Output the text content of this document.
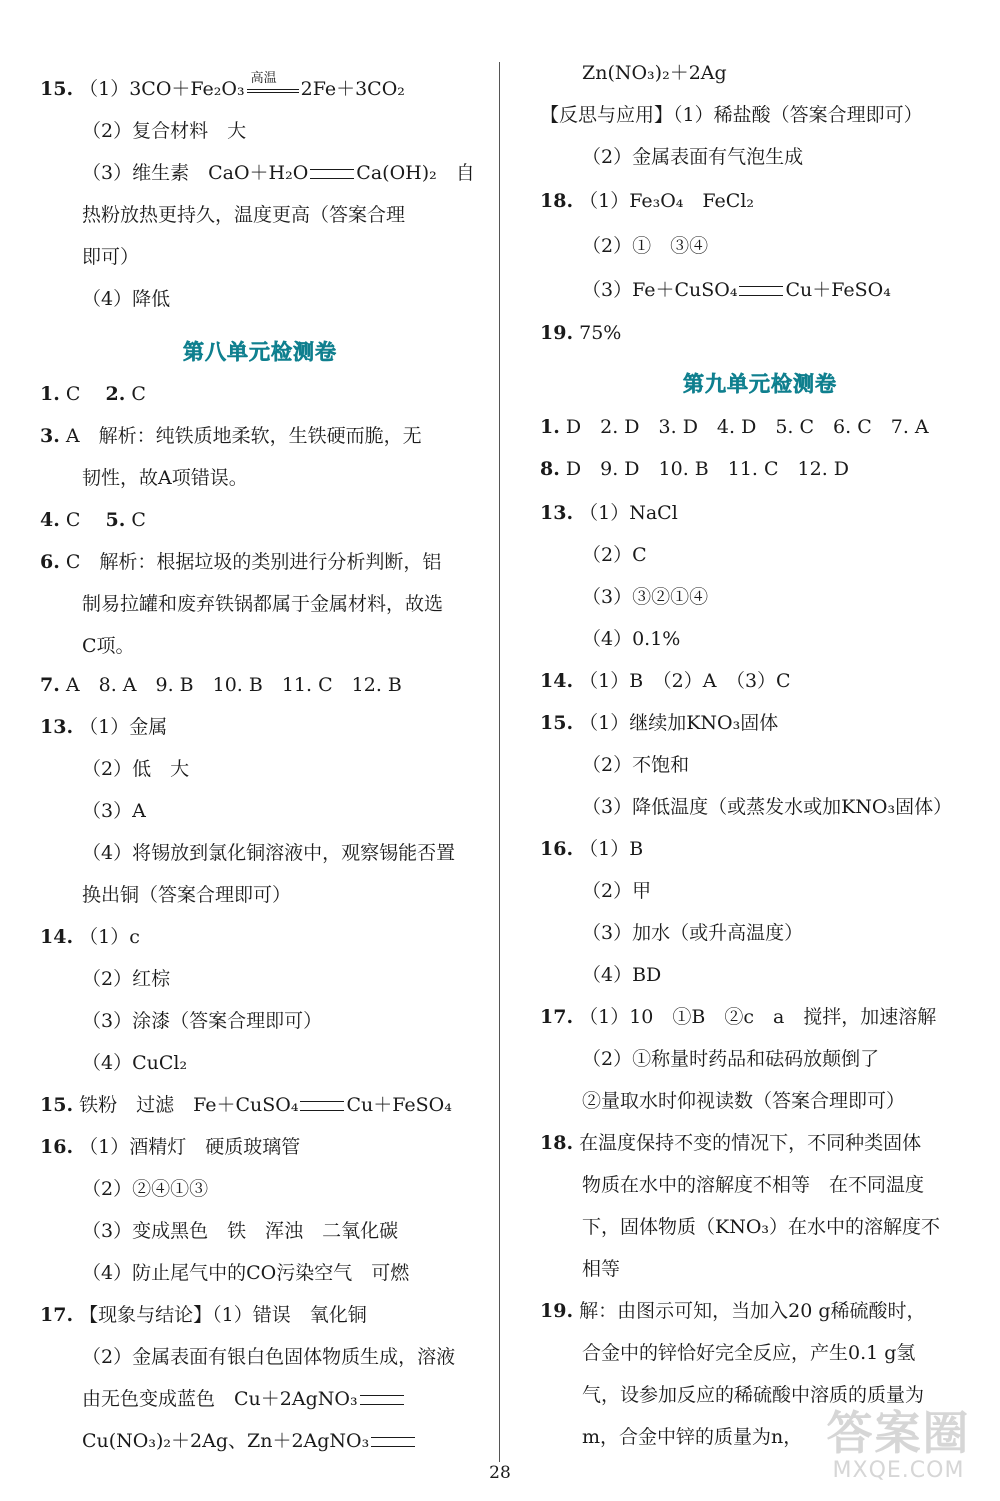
15. （1）3CO＋Fe₂O₃ 高温 2Fe＋3CO₂
（2）复合材料　大
（3）维生素　CaO＋H₂O	Ca(OH)₂　自
热粉放热更持久，温度更高（答案合理
即可）
（4）降低
第八单元检测卷
1. C　 2. C
3. A　解析：纯铁质地柔软，生铁硬而脆，无
韧性，故A项错误。
4. C　 5. C
6. C　解析：根据垃圾的类别进行分析判断，铝
制易拉罐和废弃铁锅都属于金属材料，故选
C项。
7. A　8. A　9. B　10. B　11. C　12. B
13. （1）金属
（2）低　大
（3）A
（4）将锡放到氯化铜溶液中，观察锡能否置
换出铜（答案合理即可）
14. （1）c
（2）红棕
（3）涂漆（答案合理即可）
（4）CuCl₂
15. 铁粉　过滤　Fe＋CuSO₄	Cu＋FeSO₄
16. （1）酒精灯　硬质玻璃管
（2）②④①③
（3）变成黑色　铁　浑浊　二氧化碳
（4）防止尾气中的CO污染空气　可燃
17. 【现象与结论】（1）错误　氧化铜
（2）金属表面有银白色固体物质生成，溶液
由无色变成蓝色　Cu＋2AgNO₃
Cu(NO₃)₂＋2Ag、Zn＋2AgNO₃
Zn(NO₃)₂＋2Ag
【反思与应用】（1）稀盐酸（答案合理即可）
（2）金属表面有气泡生成
18. （1）Fe₃O₄　FeCl₂
（2）①　③④
（3）Fe＋CuSO₄	Cu＋FeSO₄
19. 75%
第九单元检测卷
1. D　2. D　3. D　4. D　5. C　6. C　7. A
8. D　9. D　10. B　11. C　12. D
13. （1）NaCl
（2）C
（3）③②①④
（4）0.1%
14. （1）B　（2）A　（3）C
15. （1）继续加KNO₃固体
（2）不饱和
（3）降低温度（或蒸发水或加KNO₃固体）
16. （1）B
（2）甲
（3）加水（或升高温度）
（4）BD
17. （1）10　①B　②c　a　搅拌，加速溶解
（2）①称量时药品和砝码放颠倒了
②量取水时仰视读数（答案合理即可）
18. 在温度保持不变的情况下，不同种类固体
物质在水中的溶解度不相等　在不同温度
下，固体物质（KNO₃）在水中的溶解度不
相等
19. 解：由图示可知，当加入20 g稀硫酸时，
合金中的锌恰好完全反应，产生0.1 g氢
气，设参加反应的稀硫酸中溶质的质量为
m，合金中锌的质量为n，
28
答案圈
MXQE.COM
